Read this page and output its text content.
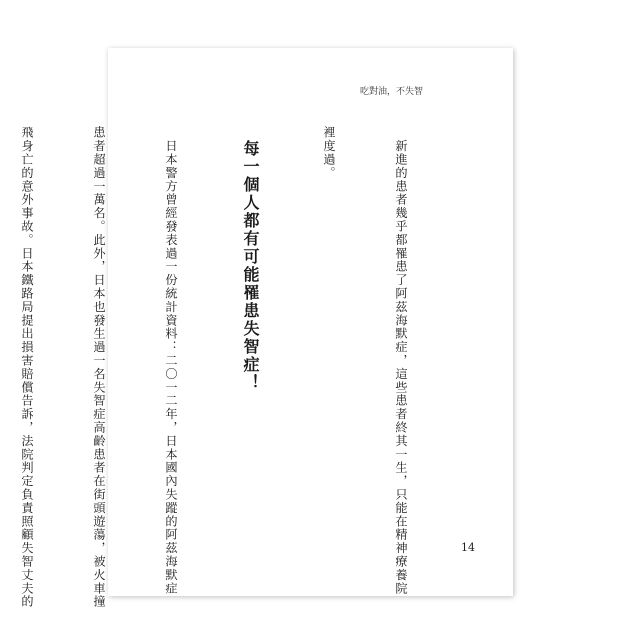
吃對油，不失智

　新進的患者幾乎都罹患了阿茲海默症，這些患者終其一生，只能在精神療養院

裡度過。

每一個人都有可能罹患失智症！

　日本警方曾經發表過一份統計資料：二〇一二年，日本國內失蹤的阿茲海默症

患者超過一萬名。此外，日本也發生過一名失智症高齡患者在街頭遊蕩，被火車撞

飛身亡的意外事故。日本鐵路局提出損害賠償告訴，法院判定負責照顧失智丈夫的

	14
